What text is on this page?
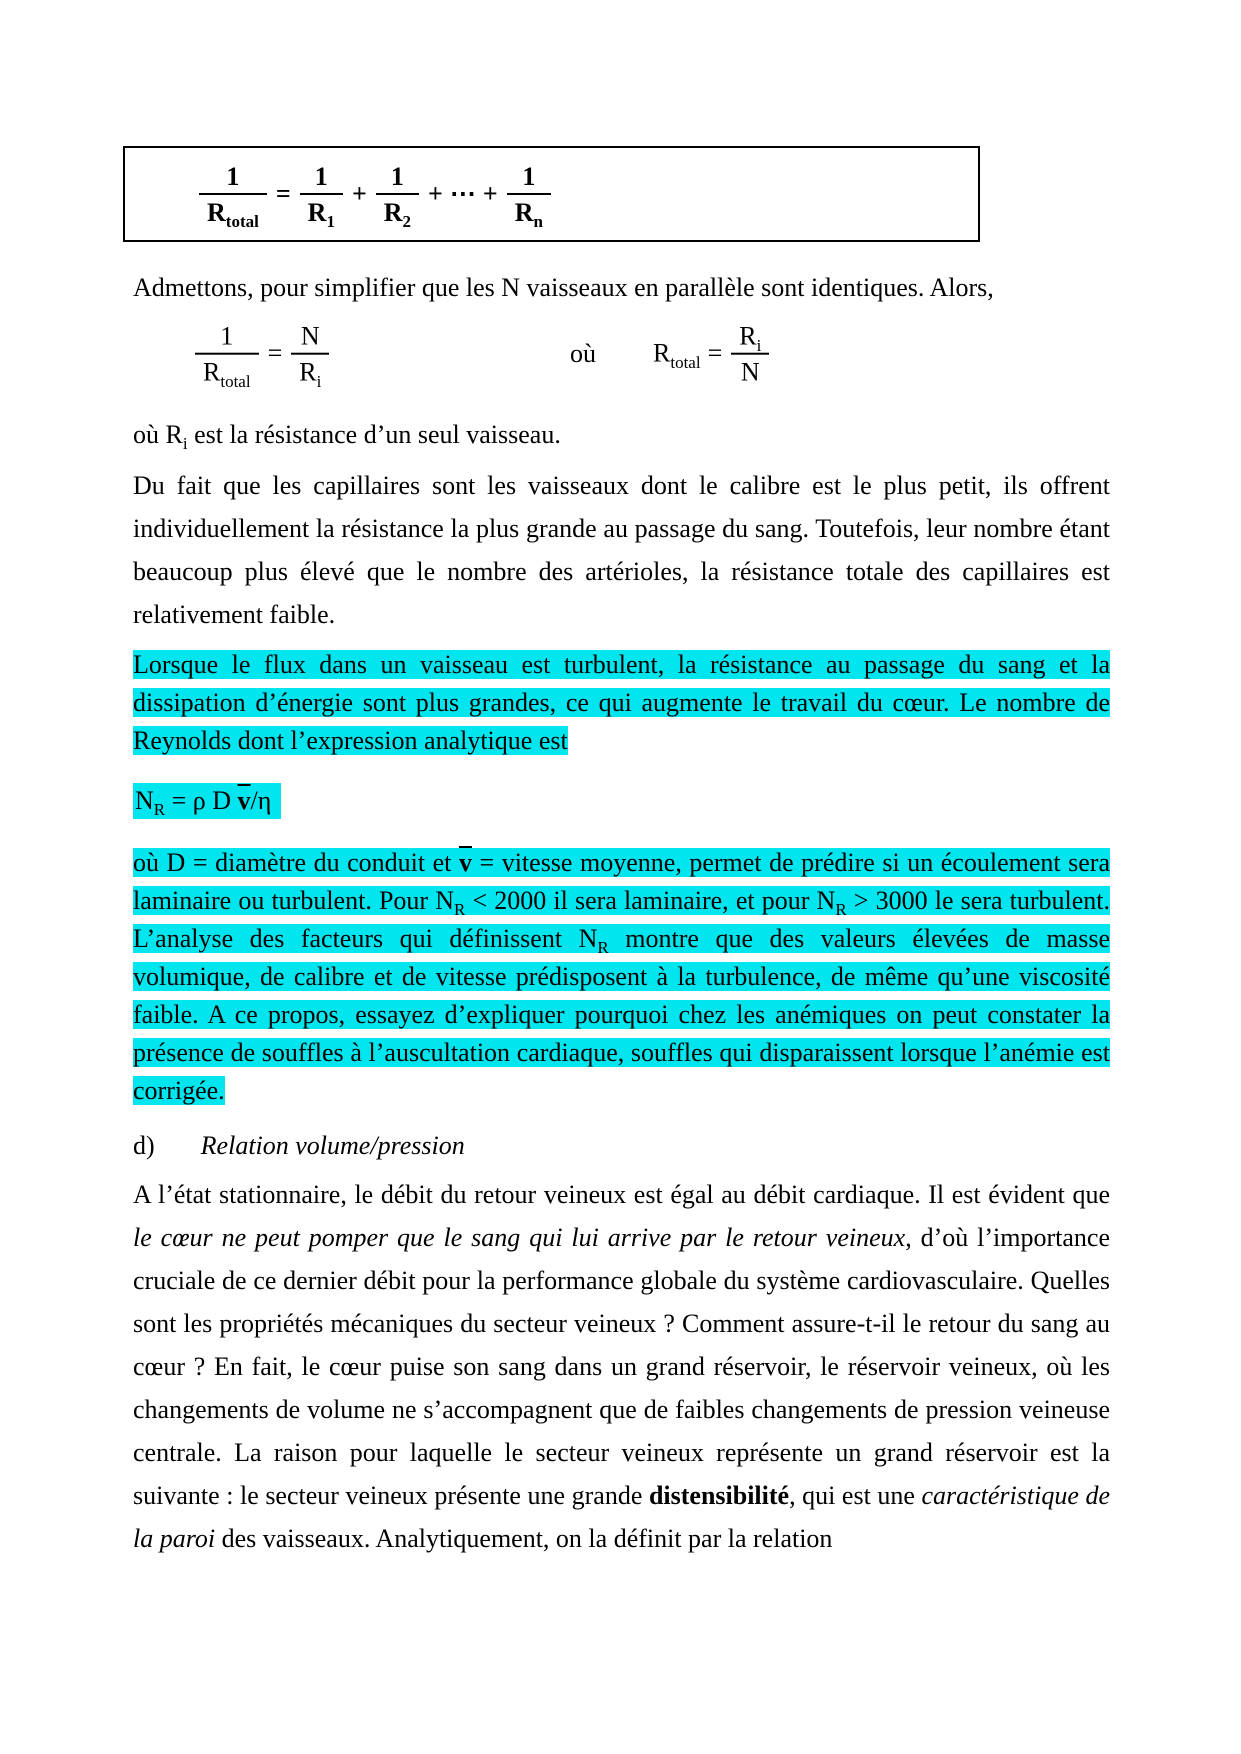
$\frac{1}{R_{total}} = \frac{1}{R_1} + \frac{1}{R_2}$ + ⋯ + $\frac{1}{R_n}$

Admettons, pour simplifier que les N vaisseaux en parallèle sont identiques. Alors,

$\frac{1}{R_{total}} = \frac{N}{R_i}$	où $R_{total} = \frac{R_i}{N}$

où $R_i$ est la résistance d’un seul vaisseau.

Du fait que les capillaires sont les vaisseaux dont le calibre est le plus petit, ils offrent individuellement la résistance la plus grande au passage du sang. Toutefois, leur nombre étant beaucoup plus élevé que le nombre des artérioles, la résistance totale des capillaires est relativement faible.

Lorsque le flux dans un vaisseau est turbulent, la résistance au passage du sang et la dissipation d’énergie sont plus grandes, ce qui augmente le travail du cœur. Le nombre de Reynolds dont l’expression analytique est

$N_R = \rho$ D $\overline{v}/\eta$

où D = diamètre du conduit et $\overline{v}$ = vitesse moyenne, permet de prédire si un écoulement sera laminaire ou turbulent. Pour $N_R < 2000$ il sera laminaire, et pour $N_R > 3000$ le sera turbulent. L’analyse des facteurs qui définissent $N_R$ montre que des valeurs élevées de masse volumique, de calibre et de vitesse prédisposent à la turbulence, de même qu’une viscosité faible. A ce propos, essayez d’expliquer pourquoi chez les anémiques on peut constater la présence de souffles à l’auscultation cardiaque, souffles qui disparaissent lorsque l’anémie est corrigée.

d) Relation volume/pression

A l’état stationnaire, le débit du retour veineux est égal au débit cardiaque. Il est évident que le cœur ne peut pomper que le sang qui lui arrive par le retour veineux, d’où l’importance cruciale de ce dernier débit pour la performance globale du système cardiovasculaire. Quelles sont les propriétés mécaniques du secteur veineux ? Comment assure-t-il le retour du sang au cœur ? En fait, le cœur puise son sang dans un grand réservoir, le réservoir veineux, où les changements de volume ne s’accompagnent que de faibles changements de pression veineuse centrale. La raison pour laquelle le secteur veineux représente un grand réservoir est la suivante : le secteur veineux présente une grande distensibilité, qui est une caractéristique de la paroi des vaisseaux. Analytiquement, on la définit par la relation
